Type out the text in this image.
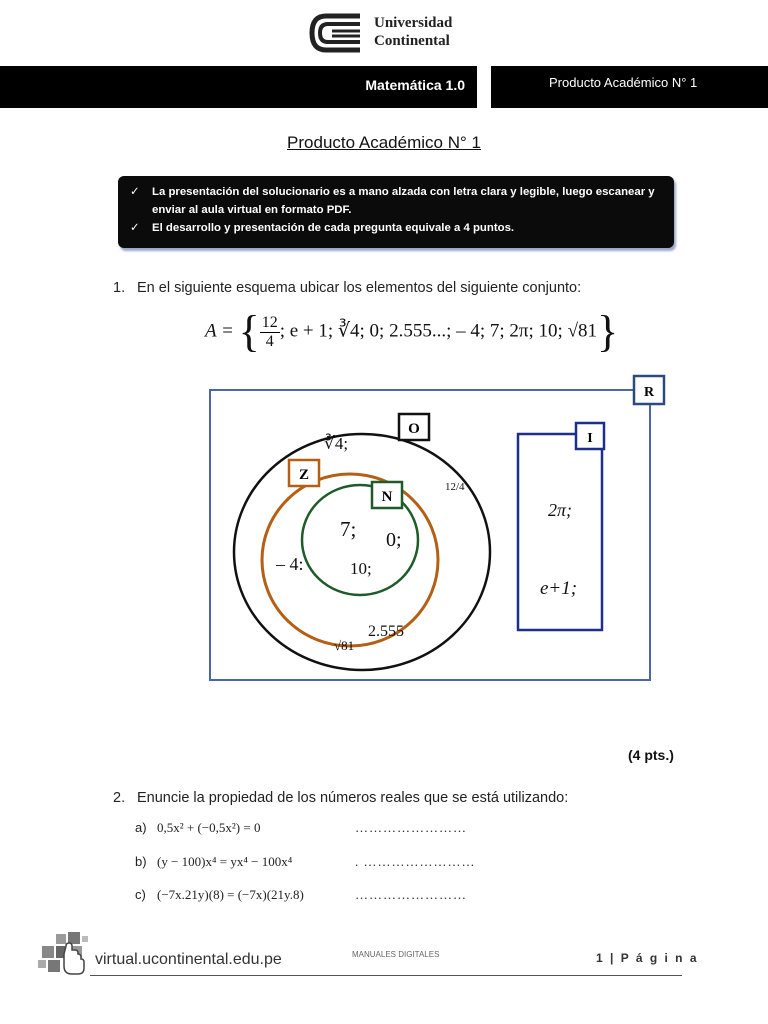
Universidad
Continental
Matemática 1.0	Producto Académico N° 1
Producto Académico N° 1
✓	La presentación del solucionario es a mano alzada con letra clara y legible, luego escanear y enviar al aula virtual en formato PDF.
✓	El desarrollo y presentación de cada pregunta equivale a 4 puntos.
1. En el siguiente esquema ubicar los elementos del siguiente conjunto:
A = { $\frac{12}{4}$ ; e + 1; ∛4; 0; 2.555...; – 4; 7; 2π; 10; √81}
R
O
Z
N
I
∛4;
7; 0;
10;
– 4:
2.555
√81
12/4
2π;
e+1;
(4 pts.)
2. Enuncie la propiedad de los números reales que se está utilizando:
a) 0,5x² + (−0,5x²) = 0	……………………
b) (y − 100)x⁴ = yx⁴ − 100x⁴	. ……………………
c) (−7x.21y)(8) = (−7x)(21y.8)	……………………
virtual.ucontinental.edu.pe	MANUALES DIGITALES	1 | P á g i n a
